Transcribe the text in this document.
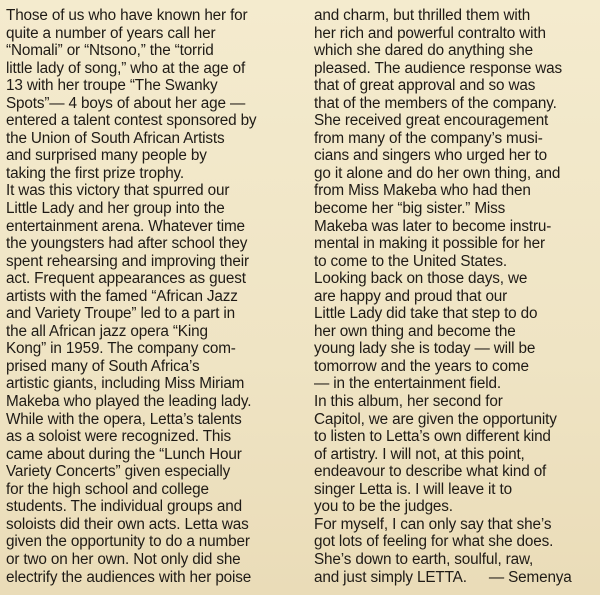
Those of us who have known her for
quite a number of years call her
“Nomali” or “Ntsono,” the “torrid
little lady of song,” who at the age of
13 with her troupe “The Swanky
Spots”— 4 boys of about her age —
entered a talent contest sponsored by
the Union of South African Artists
and surprised many people by
taking the first prize trophy.
It was this victory that spurred our
Little Lady and her group into the
entertainment arena. Whatever time
the youngsters had after school they
spent rehearsing and improving their
act. Frequent appearances as guest
artists with the famed “African Jazz
and Variety Troupe” led to a part in
the all African jazz opera “King
Kong” in 1959. The company com-
prised many of South Africa’s
artistic giants, including Miss Miriam
Makeba who played the leading lady.
While with the opera, Letta’s talents
as a soloist were recognized. This
came about during the “Lunch Hour
Variety Concerts” given especially
for the high school and college
students. The individual groups and
soloists did their own acts. Letta was
given the opportunity to do a number
or two on her own. Not only did she
electrify the audiences with her poise
and charm, but thrilled them with
her rich and powerful contralto with
which she dared do anything she
pleased. The audience response was
that of great approval and so was
that of the members of the company.
She received great encouragement
from many of the company’s musi-
cians and singers who urged her to
go it alone and do her own thing, and
from Miss Makeba who had then
become her “big sister.” Miss
Makeba was later to become instru-
mental in making it possible for her
to come to the United States.
Looking back on those days, we
are happy and proud that our
Little Lady did take that step to do
her own thing and become the
young lady she is today — will be
tomorrow and the years to come
— in the entertainment field.
In this album, her second for
Capitol, we are given the opportunity
to listen to Letta’s own different kind
of artistry. I will not, at this point,
endeavour to describe what kind of
singer Letta is. I will leave it to
you to be the judges.
For myself, I can only say that she’s
got lots of feeling for what she does.
She’s down to earth, soulful, raw,
and just simply LETTA. — Semenya
